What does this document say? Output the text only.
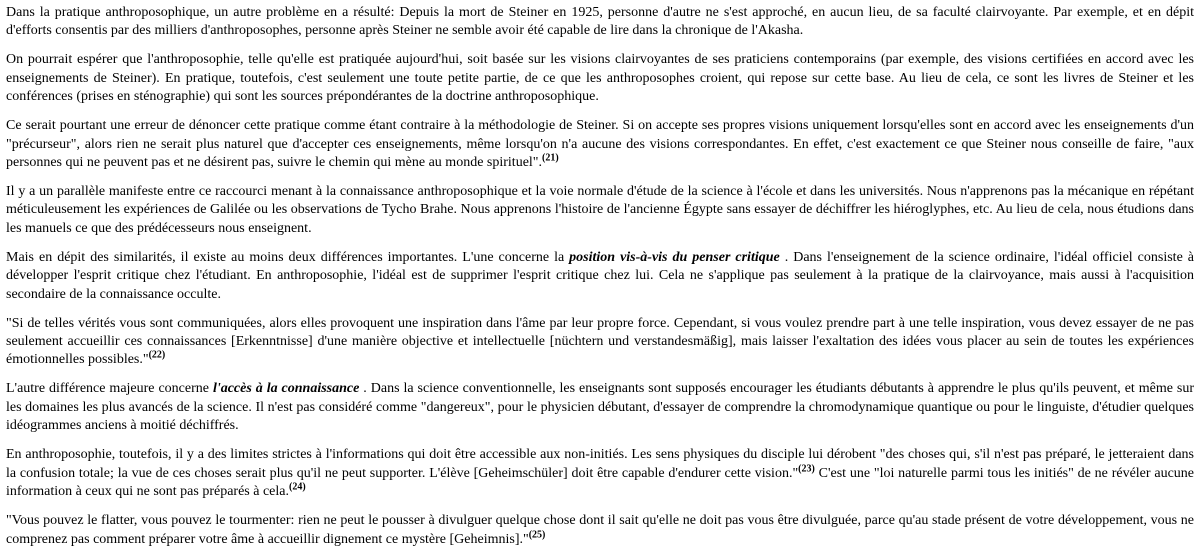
Dans la pratique anthroposophique, un autre problème en a résulté: Depuis la mort de Steiner en 1925, personne d'autre ne s'est approché, en aucun lieu, de sa faculté clairvoyante. Par exemple, et en dépit d'efforts consentis par des milliers d'anthroposophes, personne après Steiner ne semble avoir été capable de lire dans la chronique de l'Akasha.

On pourrait espérer que l'anthroposophie, telle qu'elle est pratiquée aujourd'hui, soit basée sur les visions clairvoyantes de ses praticiens contemporains (par exemple, des visions certifiées en accord avec les enseignements de Steiner). En pratique, toutefois, c'est seulement une toute petite partie, de ce que les anthroposophes croient, qui repose sur cette base. Au lieu de cela, ce sont les livres de Steiner et les conférences (prises en sténographie) qui sont les sources prépondérantes de la doctrine anthroposophique.

Ce serait pourtant une erreur de dénoncer cette pratique comme étant contraire à la méthodologie de Steiner. Si on accepte ses propres visions uniquement lorsqu'elles sont en accord avec les enseignements d'un "précurseur", alors rien ne serait plus naturel que d'accepter ces enseignements, même lorsqu'on n'a aucune des visions correspondantes. En effet, c'est exactement ce que Steiner nous conseille de faire, "aux personnes qui ne peuvent pas et ne désirent pas, suivre le chemin qui mène au monde spirituel".$^{(21)}$

Il y a un parallèle manifeste entre ce raccourci menant à la connaissance anthroposophique et la voie normale d'étude de la science à l'école et dans les universités. Nous n'apprenons pas la mécanique en répétant méticuleusement les expériences de Galilée ou les observations de Tycho Brahe. Nous apprenons l'histoire de l'ancienne Égypte sans essayer de déchiffrer les hiéroglyphes, etc. Au lieu de cela, nous étudions dans les manuels ce que des prédécesseurs nous enseignent.

Mais en dépit des similarités, il existe au moins deux différences importantes. L'une concerne la position vis-à-vis du penser critique . Dans l'enseignement de la science ordinaire, l'idéal officiel consiste à développer l'esprit critique chez l'étudiant. En anthroposophie, l'idéal est de supprimer l'esprit critique chez lui. Cela ne s'applique pas seulement à la pratique de la clairvoyance, mais aussi à l'acquisition secondaire de la connaissance occulte.

"Si de telles vérités vous sont communiquées, alors elles provoquent une inspiration dans l'âme par leur propre force. Cependant, si vous voulez prendre part à une telle inspiration, vous devez essayer de ne pas seulement accueillir ces connaissances [Erkenntnisse] d'une manière objective et intellectuelle [nüchtern und verstandesmäßig], mais laisser l'exaltation des idées vous placer au sein de toutes les expériences émotionnelles possibles."$^{(22)}$

L'autre différence majeure concerne l'accès à la connaissance . Dans la science conventionnelle, les enseignants sont supposés encourager les étudiants débutants à apprendre le plus qu'ils peuvent, et même sur les domaines les plus avancés de la science. Il n'est pas considéré comme "dangereux", pour le physicien débutant, d'essayer de comprendre la chromodynamique quantique ou pour le linguiste, d'étudier quelques idéogrammes anciens à moitié déchiffrés.

En anthroposophie, toutefois, il y a des limites strictes à l'informations qui doit être accessible aux non-initiés. Les sens physiques du disciple lui dérobent "des choses qui, s'il n'est pas préparé, le jetteraient dans la confusion totale; la vue de ces choses serait plus qu'il ne peut supporter. L'élève [Geheimschüler] doit être capable d'endurer cette vision."$^{(23)}$ C'est une "loi naturelle parmi tous les initiés" de ne révéler aucune information à ceux qui ne sont pas préparés à cela.$^{(24)}$

"Vous pouvez le flatter, vous pouvez le tourmenter: rien ne peut le pousser à divulguer quelque chose dont il sait qu'elle ne doit pas vous être divulguée, parce qu'au stade présent de votre développement, vous ne comprenez pas comment préparer votre âme à accueillir dignement ce mystère [Geheimnis]."$^{(25)}$
